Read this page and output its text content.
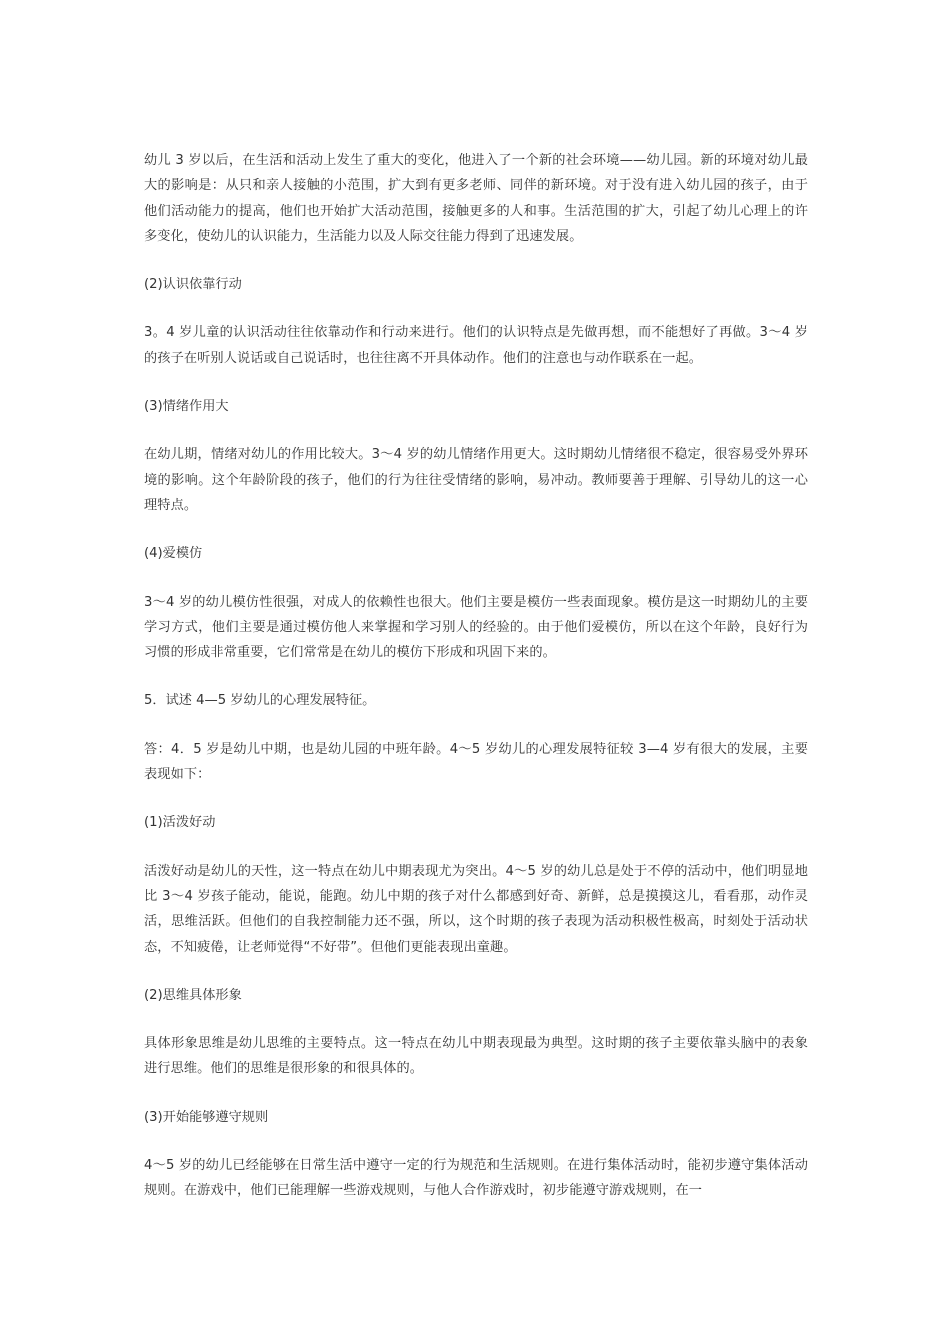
幼儿 3 岁以后，在生活和活动上发生了重大的变化，他进入了一个新的社会环境——幼儿园。新的环境对幼儿最大的影响是：从只和亲人接触的小范围，扩大到有更多老师、同伴的新环境。对于没有进入幼儿园的孩子，由于他们活动能力的提高，他们也开始扩大活动范围，接触更多的人和事。生活范围的扩大，引起了幼儿心理上的许多变化，使幼儿的认识能力，生活能力以及人际交往能力得到了迅速发展。

(2)认识依靠行动

3。4 岁儿童的认识活动往往依靠动作和行动来进行。他们的认识特点是先做再想，而不能想好了再做。3～4 岁的孩子在听别人说话或自己说话时，也往往离不开具体动作。他们的注意也与动作联系在一起。

(3)情绪作用大

在幼儿期，情绪对幼儿的作用比较大。3～4 岁的幼儿情绪作用更大。这时期幼儿情绪很不稳定，很容易受外界环境的影响。这个年龄阶段的孩子，他们的行为往往受情绪的影响，易冲动。教师要善于理解、引导幼儿的这一心理特点。

(4)爱模仿

3～4 岁的幼儿模仿性很强，对成人的依赖性也很大。他们主要是模仿一些表面现象。模仿是这一时期幼儿的主要学习方式，他们主要是通过模仿他人来掌握和学习别人的经验的。由于他们爱模仿，所以在这个年龄，良好行为习惯的形成非常重要，它们常常是在幼儿的模仿下形成和巩固下来的。

5．试述 4—5 岁幼儿的心理发展特征。

答：4．5 岁是幼儿中期，也是幼儿园的中班年龄。4～5 岁幼儿的心理发展特征较 3—4 岁有很大的发展，主要表现如下：

(1)活泼好动

活泼好动是幼儿的天性，这一特点在幼儿中期表现尤为突出。4～5 岁的幼儿总是处于不停的活动中，他们明显地比 3～4 岁孩子能动，能说，能跑。幼儿中期的孩子对什么都感到好奇、新鲜，总是摸摸这儿，看看那，动作灵活，思维活跃。但他们的自我控制能力还不强，所以，这个时期的孩子表现为活动积极性极高，时刻处于活动状态，不知疲倦，让老师觉得“不好带”。但他们更能表现出童趣。

(2)思维具体形象

具体形象思维是幼儿思维的主要特点。这一特点在幼儿中期表现最为典型。这时期的孩子主要依靠头脑中的表象进行思维。他们的思维是很形象的和很具体的。

(3)开始能够遵守规则

4～5 岁的幼儿已经能够在日常生活中遵守一定的行为规范和生活规则。在进行集体活动时，能初步遵守集体活动规则。在游戏中，他们已能理解一些游戏规则，与他人合作游戏时，初步能遵守游戏规则，在一
